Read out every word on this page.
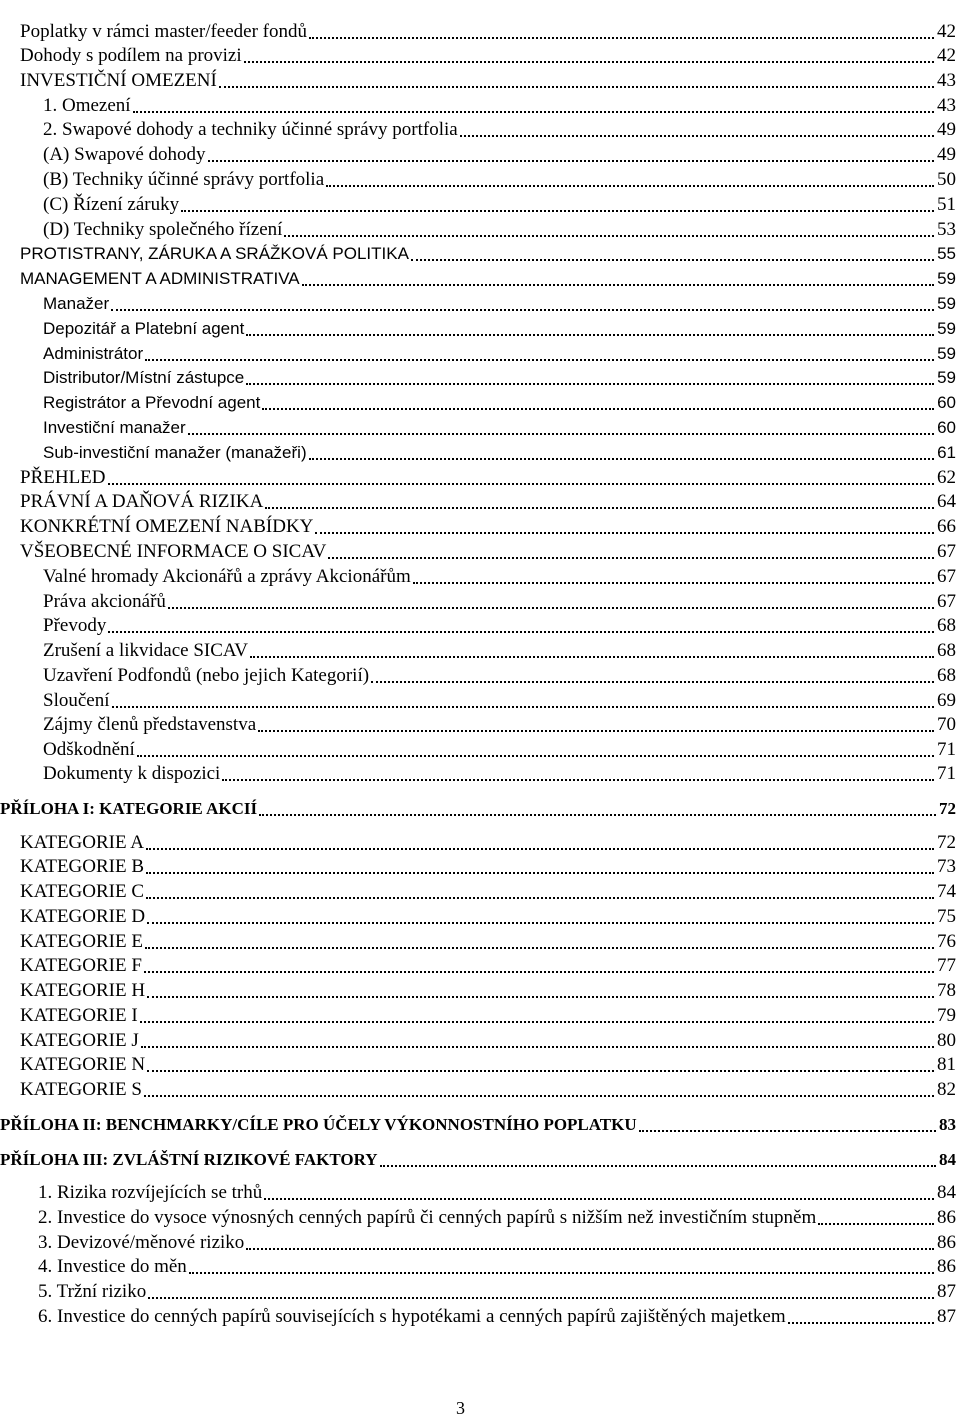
Poplatky v rámci master/feeder fondů	42
Dohody s podílem na provizi	42
INVESTIČNÍ OMEZENÍ	43
1. Omezení	43
2. Swapové dohody a techniky účinné správy portfolia	49
(A) Swapové dohody	49
(B) Techniky účinné správy portfolia	50
(C) Řízení záruky	51
(D) Techniky společného řízení	53
PROTISTRANY, ZÁRUKA A SRÁŽKOVÁ POLITIKA	55
MANAGEMENT A ADMINISTRATIVA	59
Manažer	59
Depozitář a Platební agent	59
Administrátor	59
Distributor/Místní zástupce	59
Registrátor a Převodní agent	60
Investiční manažer	60
Sub-investiční manažer (manažeři)	61
PŘEHLED	62
PRÁVNÍ A DAŇOVÁ RIZIKA	64
KONKRÉTNÍ OMEZENÍ NABÍDKY	66
VŠEOBECNÉ INFORMACE O SICAV	67
Valné hromady Akcionářů a zprávy Akcionářům	67
Práva akcionářů	67
Převody	68
Zrušení a likvidace SICAV	68
Uzavření Podfondů (nebo jejich Kategorií)	68
Sloučení	69
Zájmy členů představenstva	70
Odškodnění	71
Dokumenty k dispozici	71
PŘÍLOHA I: KATEGORIE AKCIÍ	72
KATEGORIE A	72
KATEGORIE B	73
KATEGORIE C	74
KATEGORIE D	75
KATEGORIE E	76
KATEGORIE F	77
KATEGORIE H	78
KATEGORIE I	79
KATEGORIE J	80
KATEGORIE N	81
KATEGORIE S	82
PŘÍLOHA II: BENCHMARKY/CÍLE PRO ÚČELY VÝKONNOSTNÍHO POPLATKU	83
PŘÍLOHA III: ZVLÁŠTNÍ RIZIKOVÉ FAKTORY	84
1. Rizika rozvíjejících se trhů	84
2. Investice do vysoce výnosných cenných papírů či cenných papírů s nižším než investičním stupněm	86
3. Devizové/měnové riziko	86
4. Investice do měn	86
5. Tržní riziko	87
6. Investice do cenných papírů souvisejících s hypotékami a cenných papírů zajištěných majetkem	87
3
